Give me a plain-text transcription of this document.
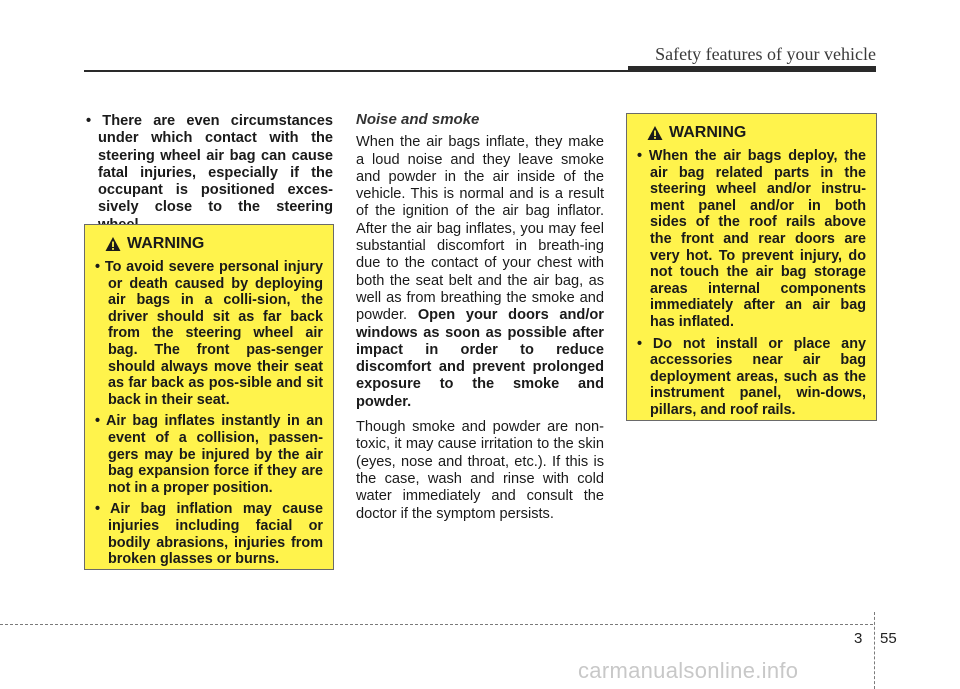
Safety features of your vehicle
• There are even circumstances under which contact with the steering wheel air bag can cause fatal injuries, especially if the occupant is positioned exces-sively close to the steering
WARNING
• To avoid severe personal injury or death caused by deploying air bags in a colli-sion, the driver should sit as far back from the steering wheel air bag. The front pas-senger should always move their seat as far back as pos-sible and sit back in their seat.
• Air bag inflates instantly in an event of a collision, passen-gers may be injured by the air bag expansion force if they are not in a proper position.
• Air bag inflation may cause injuries including facial or bodily abrasions, injuries from broken glasses or burns.
Noise and smoke

When the air bags inflate, they make a loud noise and they leave smoke and powder in the air inside of the vehicle. This is normal and is a result of the ignition of the air bag inflator. After the air bag inflates, you may feel substantial discomfort in breath-ing due to the contact of your chest with both the seat belt and the air bag, as well as from breathing the smoke and powder. Open your doors and/or windows as soon as possible after impact in order to reduce discomfort and prevent prolonged exposure to the smoke and powder.

Though smoke and powder are non-toxic, it may cause irritation to the skin (eyes, nose and throat, etc.). If this is the case, wash and rinse with cold water immediately and consult the doctor if the symptom persists.

WARNING
• When the air bags deploy, the air bag related parts in the steering wheel and/or instru-ment panel and/or in both sides of the roof rails above the front and rear doors are very hot. To prevent injury, do not touch the air bag storage areas internal components immediately after an air bag has inflated.
• Do not install or place any accessories near air bag deployment areas, such as the instrument panel, win-dows, pillars, and roof rails.
3 55
carmanualsonline.info
